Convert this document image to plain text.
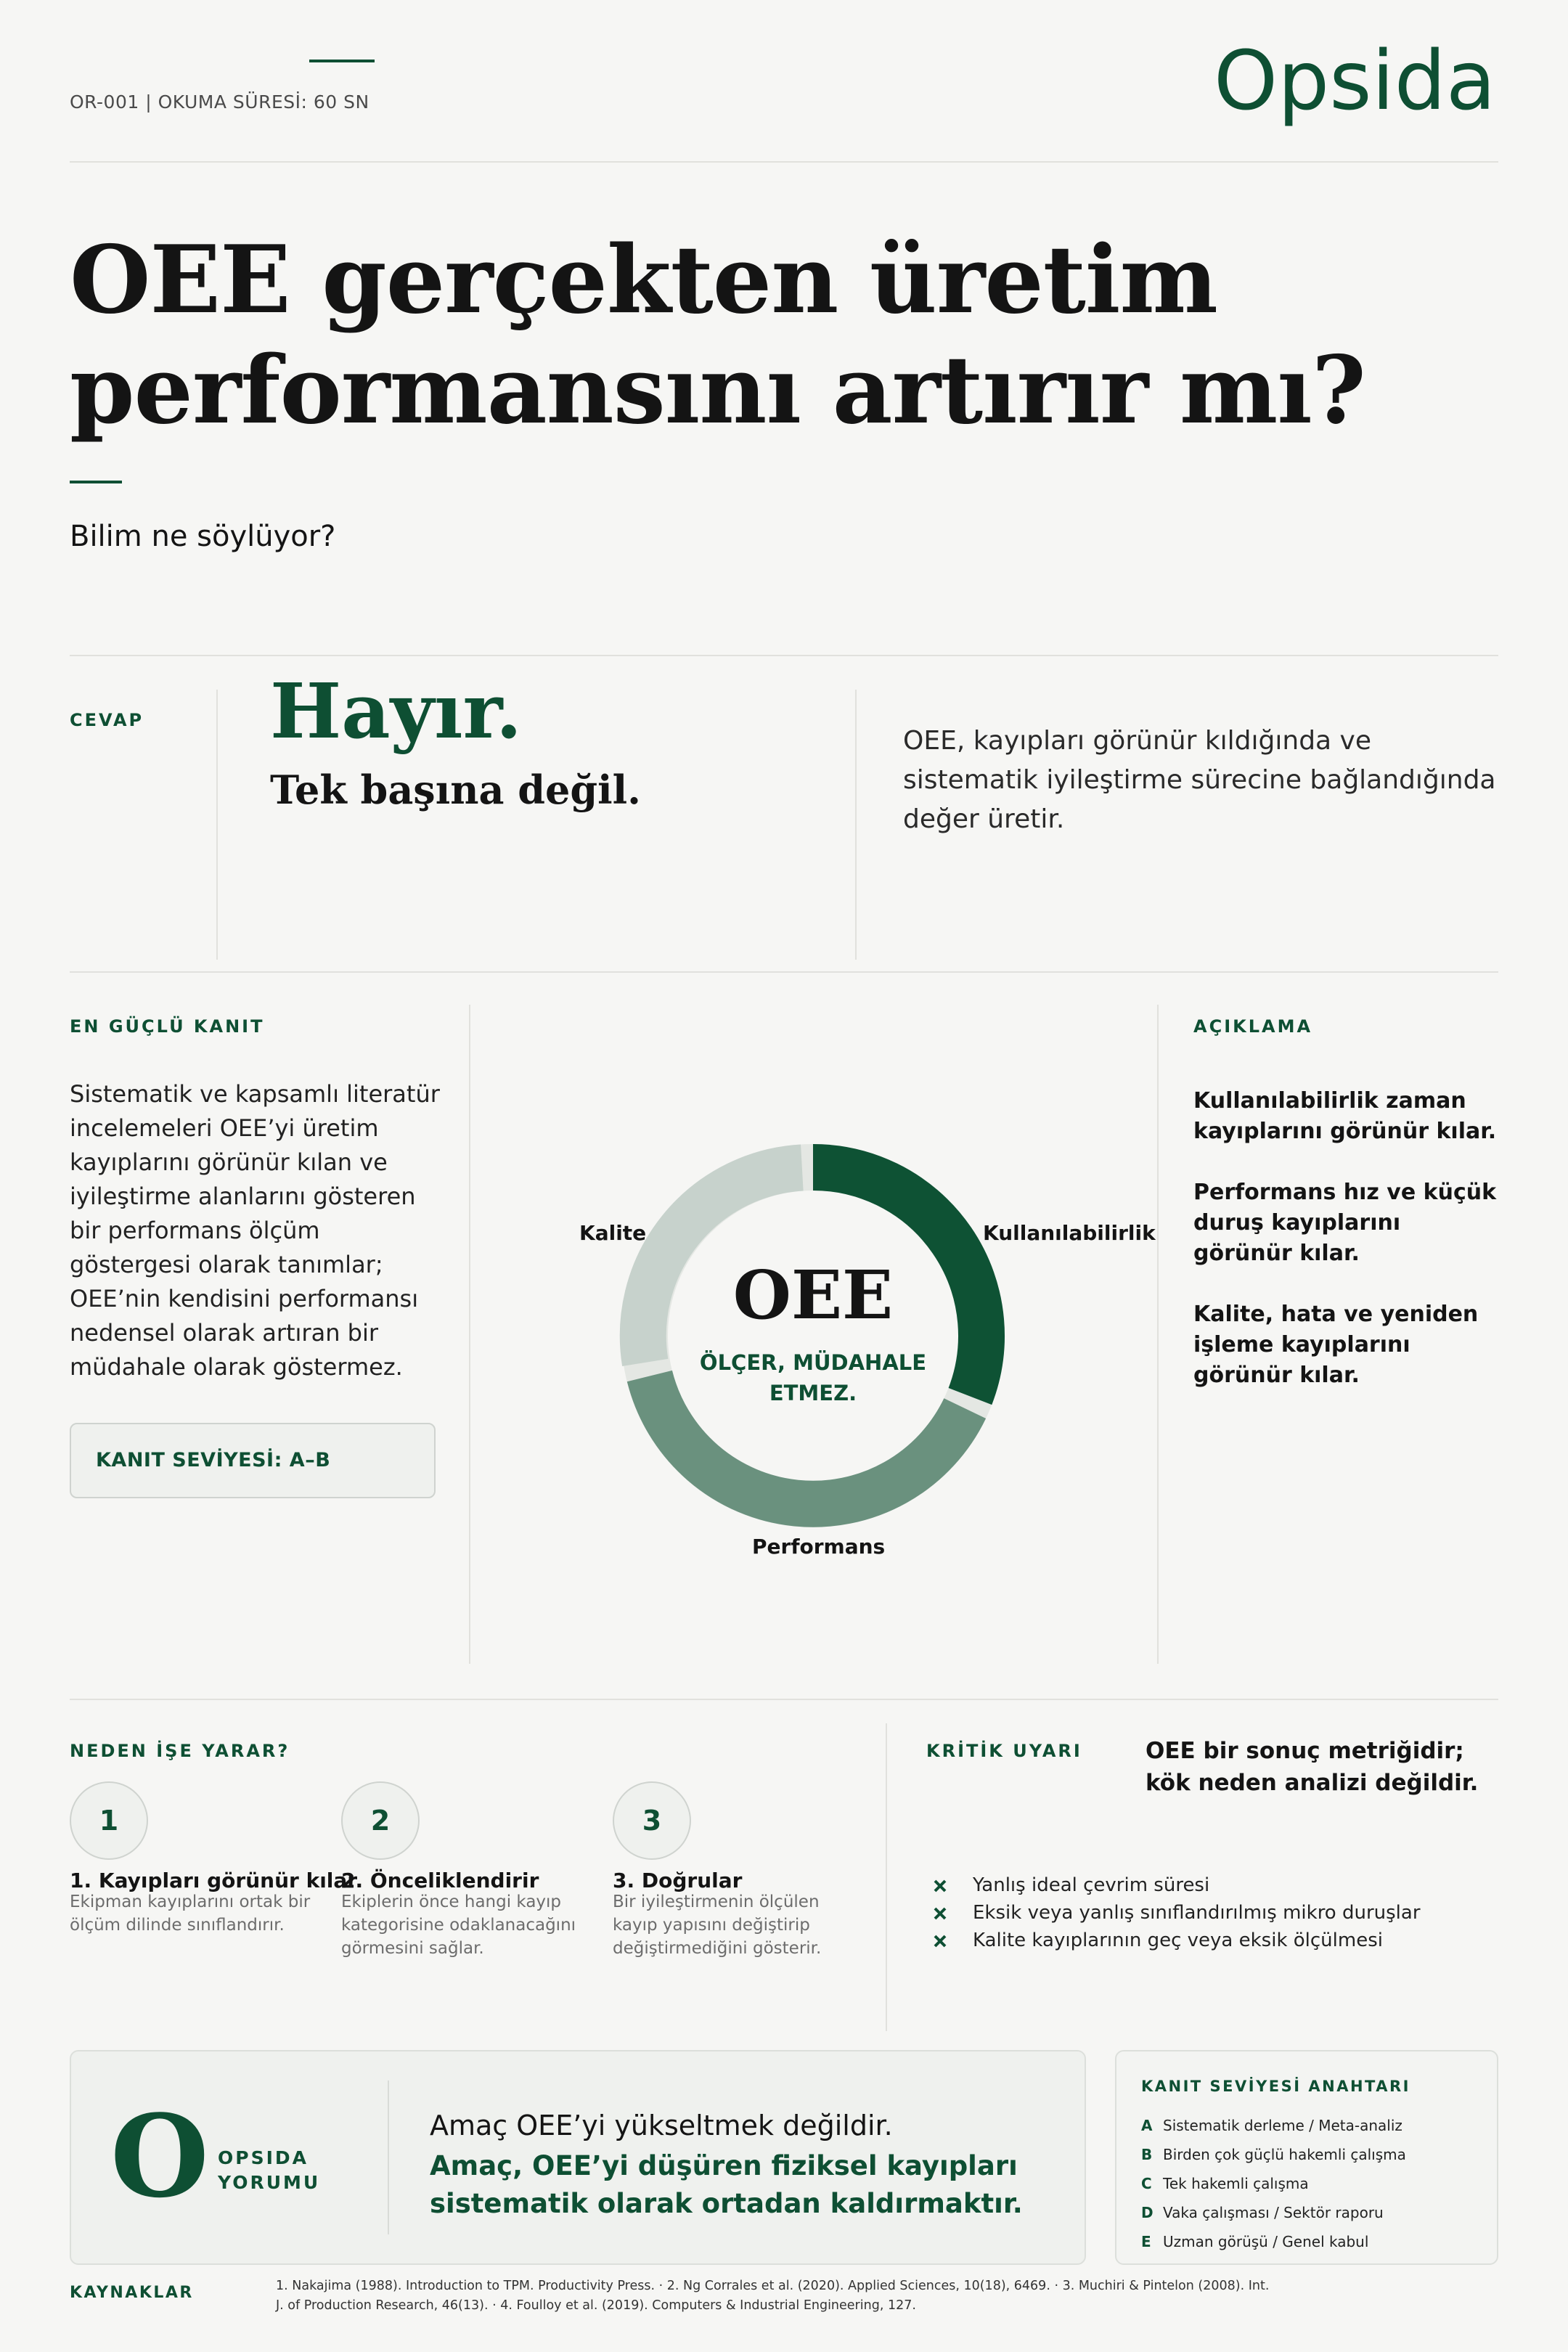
OR-001 | OKUMA SÜRESİ: 60 SN	Opsida
OEE gerçekten üretim
performansını artırır mı?
Bilim ne söylüyor?
CEVAP Hayır.
Tek başına değil.
OEE, kayıpları görünür kıldığında ve sistematik iyileştirme sürecine bağlandığında değer üretir.
EN GÜÇLÜ KANIT
Sistematik ve kapsamlı literatür incelemeleri OEE’yi üretim kayıplarını görünür kılan ve iyileştirme alanlarını gösteren bir performans ölçüm göstergesi olarak tanımlar; OEE’nin kendisini performansı nedensel olarak artıran bir müdahale olarak göstermez.
KANIT SEVİYESİ: A–B
Kullanılabilirlik
Performans
Kalite
OEE
ÖLÇER, MÜDAHALE ETMEZ.
AÇIKLAMA
Kullanılabilirlik zaman kayıplarını görünür kılar.
Performans hız ve küçük duruş kayıplarını görünür kılar.
Kalite, hata ve yeniden işleme kayıplarını görünür kılar.
NEDEN İŞE YARAR?
1
1. Kayıpları görünür kılar
Ekipman kayıplarını ortak bir ölçüm dilinde sınıflandırır.
2
2. Önceliklendirir
Ekiplerin önce hangi kayıp kategorisine odaklanacağını görmesini sağlar.
3
3. Doğrular
Bir iyileştirmenin ölçülen kayıp yapısını değiştirip değiştirmediğini gösterir.
KRİTİK UYARI	OEE bir sonuç metriğidir; kök neden analizi değildir.
Yanlış ideal çevrim süresi
Eksik veya yanlış sınıflandırılmış mikro duruşlar
Kalite kayıplarının geç veya eksik ölçülmesi
O OPSIDA
YORUMU
Amaç OEE’yi yükseltmek değildir.
Amaç, OEE’yi düşüren fiziksel kayıpları sistematik olarak ortadan kaldırmaktır.
KANIT SEVİYESİ ANAHTARI
A Sistematik derleme / Meta-analiz
B Birden çok güçlü hakemli çalışma
C Tek hakemli çalışma
D Vaka çalışması / Sektör raporu
E Uzman görüşü / Genel kabul
KAYNAKLAR	1. Nakajima (1988). Introduction to TPM. Productivity Press. · 2. Ng Corrales et al. (2020). Applied Sciences, 10(18), 6469. · 3. Muchiri & Pintelon (2008). Int. J. of Production Research, 46(13). · 4. Foulloy et al. (2019). Computers & Industrial Engineering, 127.
